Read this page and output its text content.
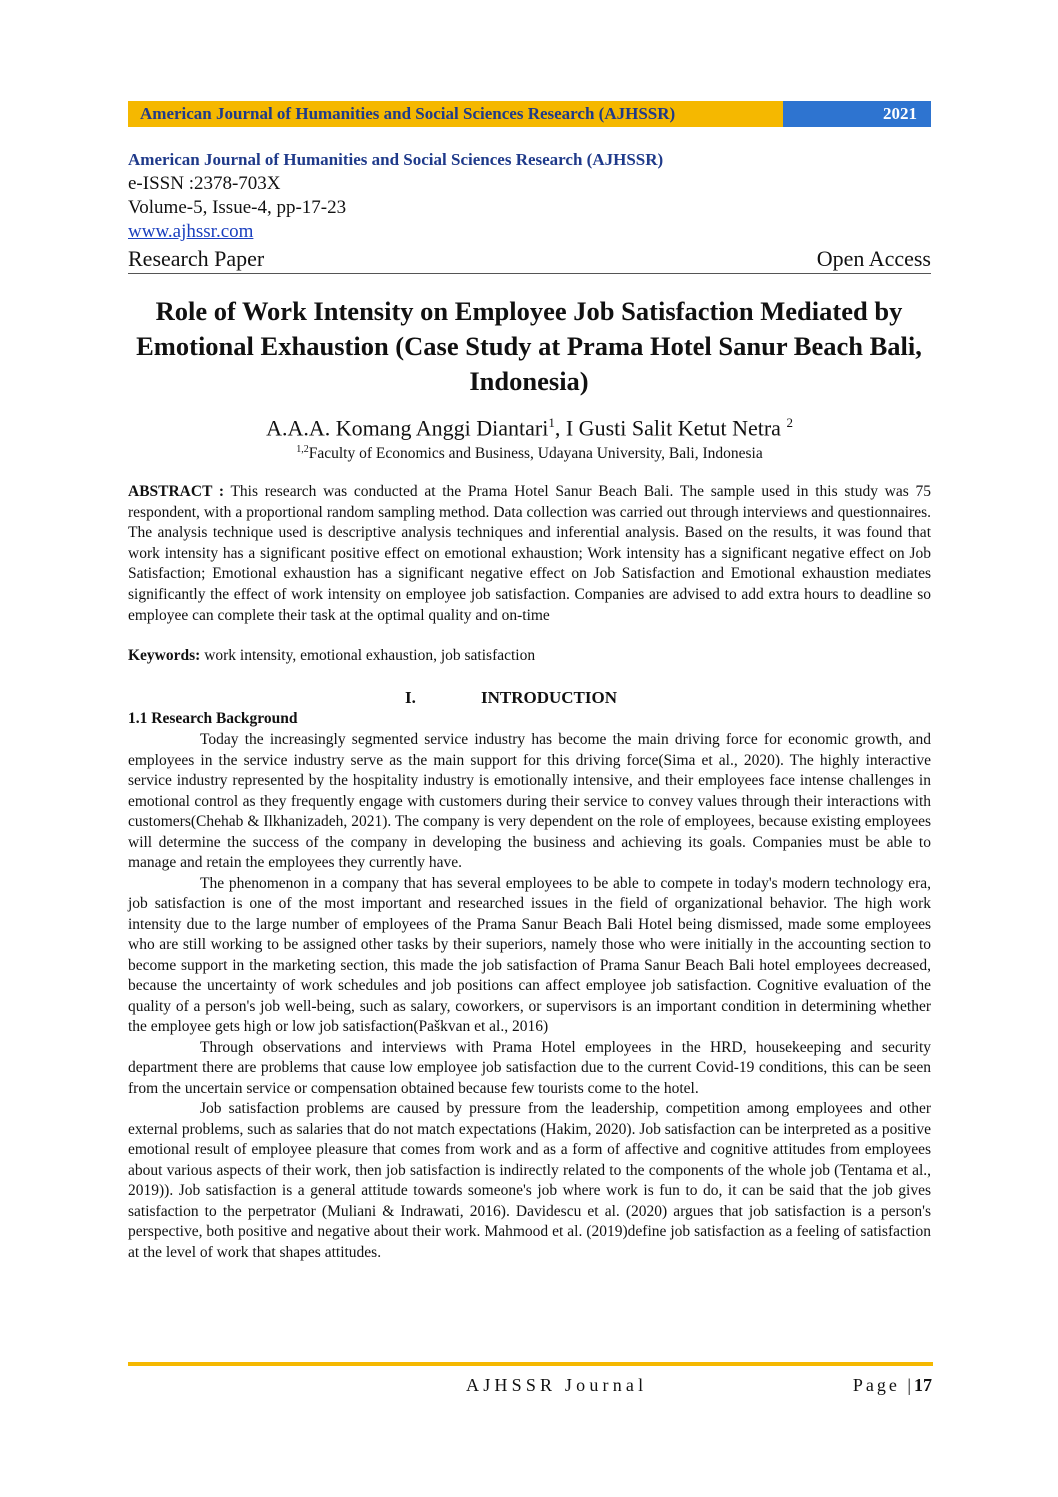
American Journal of Humanities and Social Sciences Research (AJHSSR)	2021
American Journal of Humanities and Social Sciences Research (AJHSSR)
e-ISSN :2378-703X
Volume-5, Issue-4, pp-17-23
www.ajhssr.com
Research Paper	Open Access
Role of Work Intensity on Employee Job Satisfaction Mediated by Emotional Exhaustion (Case Study at Prama Hotel Sanur Beach Bali, Indonesia)
A.A.A. Komang Anggi Diantari$^1$, I Gusti Salit Ketut Netra $^2$
$^{1,2}$Faculty of Economics and Business, Udayana University, Bali, Indonesia
ABSTRACT : This research was conducted at the Prama Hotel Sanur Beach Bali. The sample used in this study was 75 respondent, with a proportional random sampling method. Data collection was carried out through interviews and questionnaires. The analysis technique used is descriptive analysis techniques and inferential analysis. Based on the results, it was found that work intensity has a significant positive effect on emotional exhaustion; Work intensity has a significant negative effect on Job Satisfaction; Emotional exhaustion has a significant negative effect on Job Satisfaction and Emotional exhaustion mediates significantly the effect of work intensity on employee job satisfaction. Companies are advised to add extra hours to deadline so employee can complete their task at the optimal quality and on-time
Keywords: work intensity, emotional exhaustion, job satisfaction
I.	INTRODUCTION
1.1 Research Background

Today the increasingly segmented service industry has become the main driving force for economic growth, and employees in the service industry serve as the main support for this driving force(Sima et al., 2020). The highly interactive service industry represented by the hospitality industry is emotionally intensive, and their employees face intense challenges in emotional control as they frequently engage with customers during their service to convey values through their interactions with customers(Chehab & Ilkhanizadeh, 2021). The company is very dependent on the role of employees, because existing employees will determine the success of the company in developing the business and achieving its goals. Companies must be able to manage and retain the employees they currently have.

The phenomenon in a company that has several employees to be able to compete in today's modern technology era, job satisfaction is one of the most important and researched issues in the field of organizational behavior. The high work intensity due to the large number of employees of the Prama Sanur Beach Bali Hotel being dismissed, made some employees who are still working to be assigned other tasks by their superiors, namely those who were initially in the accounting section to become support in the marketing section, this made the job satisfaction of Prama Sanur Beach Bali hotel employees decreased, because the uncertainty of work schedules and job positions can affect employee job satisfaction. Cognitive evaluation of the quality of a person's job well-being, such as salary, coworkers, or supervisors is an important condition in determining whether the employee gets high or low job satisfaction(Paškvan et al., 2016)

Through observations and interviews with Prama Hotel employees in the HRD, housekeeping and security department there are problems that cause low employee job satisfaction due to the current Covid-19 conditions, this can be seen from the uncertain service or compensation obtained because few tourists come to the hotel.

Job satisfaction problems are caused by pressure from the leadership, competition among employees and other external problems, such as salaries that do not match expectations (Hakim, 2020). Job satisfaction can be interpreted as a positive emotional result of employee pleasure that comes from work and as a form of affective and cognitive attitudes from employees about various aspects of their work, then job satisfaction is indirectly related to the components of the whole job (Tentama et al., 2019)). Job satisfaction is a general attitude towards someone's job where work is fun to do, it can be said that the job gives satisfaction to the perpetrator (Muliani & Indrawati, 2016). Davidescu et al. (2020) argues that job satisfaction is a person's perspective, both positive and negative about their work. Mahmood et al. (2019)define job satisfaction as a feeling of satisfaction at the level of work that shapes attitudes.

AJHSSR Journal	Page |17
